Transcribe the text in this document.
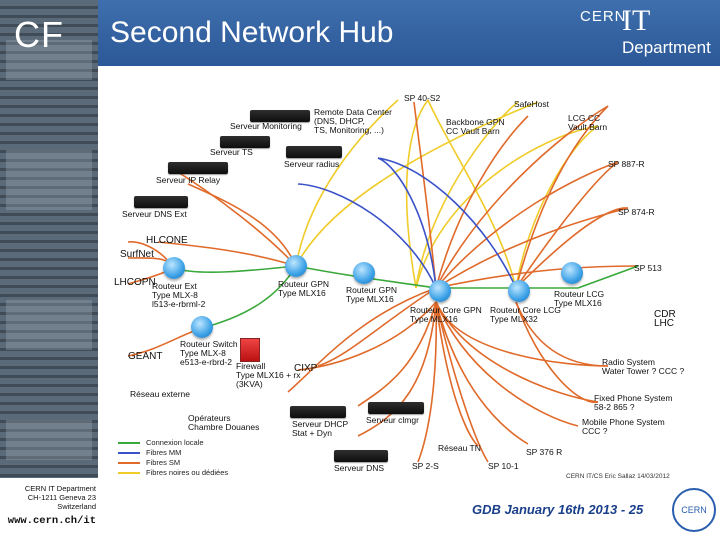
CF Second Network Hub	CERN
IT
Department
SP 40-S2
SafeHost
Remote Data Center
(DNS, DHCP,
TS, Monitoring, ...)
Serveur Monitoring
Serveur TS
Serveur radius
Serveur IP Relay
Serveur DNS Ext
Backbone GPN
CC Vault Barn
LCG CC
Vault Barn
SP 887-R
SP 874-R
SP 513
HLCONE
SurfNet
LHCOPN
Routeur Ext
Type MLX-8
l513-e-rbrml-2
Routeur GPN
Type MLX16	Routeur GPN
Type MLX16
Routeur Core GPN
Type MLX16
Routeur Core LCG
Type MLX32
Routeur LCG
Type MLX16
CDR
LHC
GEANT
Routeur Switch
Type MLX-8
e513-e-rbrd-2 Firewall
Type MLX16 + rx
(3KVA)
CIXP
Réseau externe
Opérateurs
Chambre Douanes
Radio System
Water Tower ? CCC ?
Fixed Phone System
58-2 865 ?
Mobile Phone System
CCC ?
Serveur DHCP
Stat + Dyn
Serveur clmgr
Réseau TN	SP 376 R
Serveur DNS	SP 2-S	SP 10-1
Connexion locale
Fibres MM
Fibres SM
Fibres noires ou dédiées	CERN IT/CS Eric Sallaz 14/03/2012
CERN IT Department
CH-1211 Geneva 23
Switzerland
www.cern.ch/it
GDB January 16th 2013 - 25	CERN
